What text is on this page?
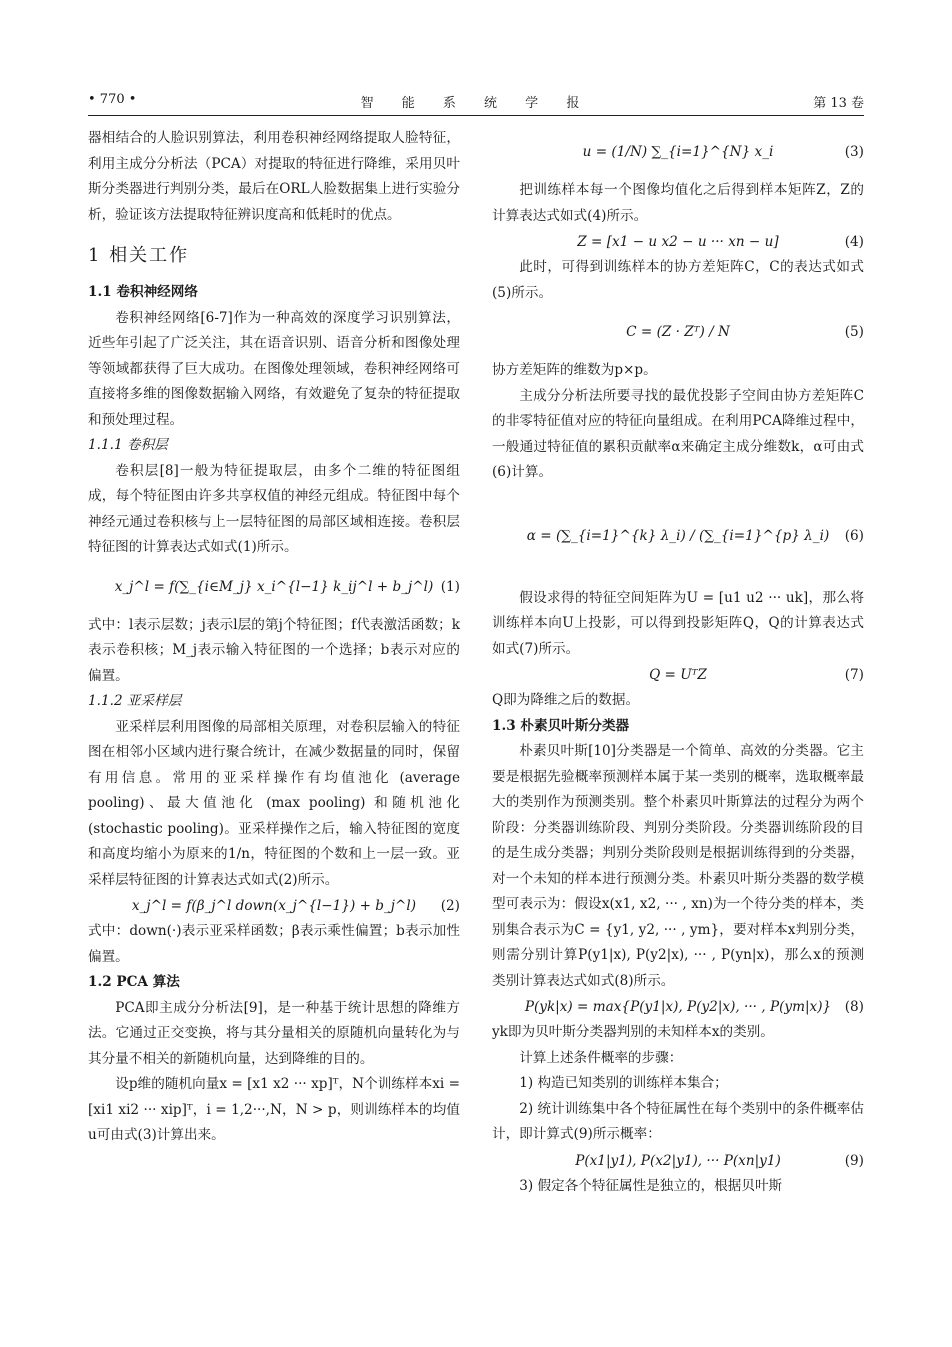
• 770 •	智 能 系 统 学 报	第 13 卷

器相结合的人脸识别算法，利用卷积神经网络提取人脸特征，利用主成分分析法（PCA）对提取的特征进行降维，采用贝叶斯分类器进行判别分类，最后在ORL人脸数据集上进行实验分析，验证该方法提取特征辨识度高和低耗时的优点。

1 相关工作
1.1 卷积神经网络

卷积神经网络[6-7]作为一种高效的深度学习识别算法，近些年引起了广泛关注，其在语音识别、语音分析和图像处理等领域都获得了巨大成功。在图像处理领域，卷积神经网络可直接将多维的图像数据输入网络，有效避免了复杂的特征提取和预处理过程。

1.1.1 卷积层

卷积层[8]一般为特征提取层，由多个二维的特征图组成，每个特征图由许多共享权值的神经元组成。特征图中每个神经元通过卷积核与上一层特征图的局部区域相连接。卷积层特征图的计算表达式如式(1)所示。

x_j^l = f(∑_{i∈M_j} x_i^{l−1} k_ij^l + b_j^l) (1)

式中：l表示层数；j表示l层的第j个特征图；f代表激活函数；k表示卷积核；M_j表示输入特征图的一个选择；b表示对应的偏置。

1.1.2 亚采样层

亚采样层利用图像的局部相关原理，对卷积层输入的特征图在相邻小区域内进行聚合统计，在减少数据量的同时，保留有用信息。常用的亚采样操作有均值池化 (average pooling)、最大值池化 (max pooling) 和随机池化 (stochastic pooling)。亚采样操作之后，输入特征图的宽度和高度均缩小为原来的1/n，特征图的个数和上一层一致。亚采样层特征图的计算表达式如式(2)所示。

x_j^l = f(β_j^l down(x_j^{l−1}) + b_j^l) (2)

式中：down(·)表示亚采样函数；β表示乘性偏置；b表示加性偏置。

1.2 PCA 算法

PCA即主成分分析法[9]，是一种基于统计思想的降维方法。它通过正交变换，将与其分量相关的原随机向量转化为与其分量不相关的新随机向量，达到降维的目的。

设p维的随机向量x = [x1 x2 ··· xp]ᵀ，N个训练样本xi = [xi1 xi2 ··· xip]ᵀ，i = 1,2···,N，N > p，则训练样本的均值u可由式(3)计算出来。

u = (1/N) ∑_{i=1}^{N} x_i	(3)

把训练样本每一个图像均值化之后得到样本矩阵Z，Z的计算表达式如式(4)所示。

Z = [x1 − u x2 − u ··· xn − u]	(4)

此时，可得到训练样本的协方差矩阵C，C的表达式如式(5)所示。

C = (Z · Zᵀ) / N	(5)

协方差矩阵的维数为p×p。

主成分分析法所要寻找的最优投影子空间由协方差矩阵C的非零特征值对应的特征向量组成。在利用PCA降维过程中，一般通过特征值的累积贡献率α来确定主成分维数k，α可由式(6)计算。

α = (∑_{i=1}^{k} λ_i) / (∑_{i=1}^{p} λ_i) (6)

假设求得的特征空间矩阵为U = [u1 u2 ··· uk]，那么将训练样本向U上投影，可以得到投影矩阵Q，Q的计算表达式如式(7)所示。

Q = UᵀZ	(7)

Q即为降维之后的数据。

1.3 朴素贝叶斯分类器

朴素贝叶斯[10]分类器是一个简单、高效的分类器。它主要是根据先验概率预测样本属于某一类别的概率，选取概率最大的类别作为预测类别。整个朴素贝叶斯算法的过程分为两个阶段：分类器训练阶段、判别分类阶段。分类器训练阶段的目的是生成分类器；判别分类阶段则是根据训练得到的分类器，对一个未知的样本进行预测分类。朴素贝叶斯分类器的数学模型可表示为：假设x(x1, x2, ··· , xn)为一个待分类的样本，类别集合表示为C = {y1, y2, ··· , ym}，要对样本x判别分类，则需分别计算P(y1|x), P(y2|x), ··· , P(yn|x)，那么x的预测类别计算表达式如式(8)所示。

P(yk|x) = max{P(y1|x), P(y2|x), ··· , P(ym|x)} (8)

yk即为贝叶斯分类器判别的未知样本x的类别。

计算上述条件概率的步骤：

1) 构造已知类别的训练样本集合；

2) 统计训练集中各个特征属性在每个类别中的条件概率估计，即计算式(9)所示概率：

P(x1|y1), P(x2|y1), ··· P(xn|y1)	(9)

3) 假定各个特征属性是独立的，根据贝叶斯
